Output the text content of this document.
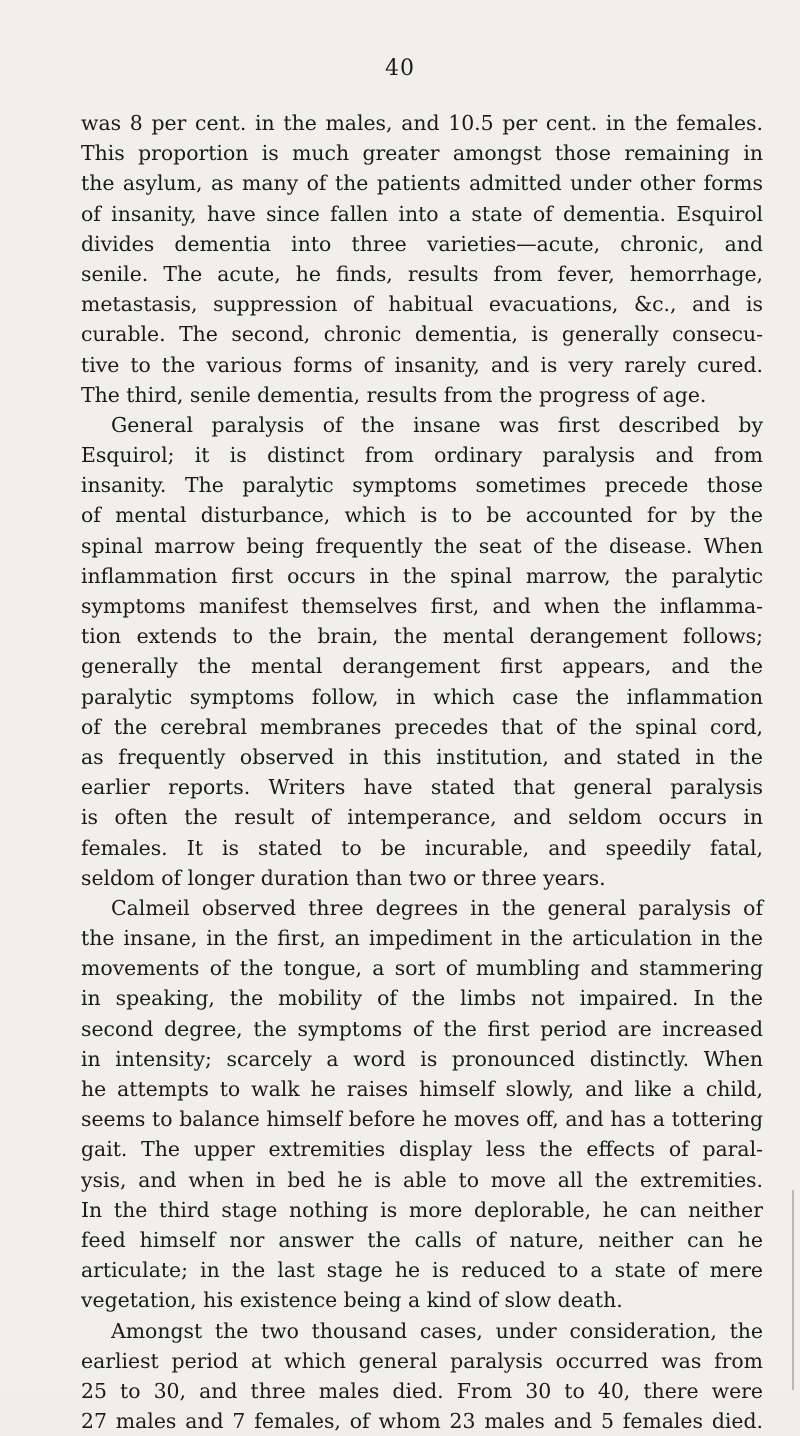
40
was 8 per cent. in the males, and 10.5 per cent. in the females.
This proportion is much greater amongst those remaining in
the asylum, as many of the patients admitted under other forms
of insanity, have since fallen into a state of dementia. Esquirol
divides dementia into three varieties—acute, chronic, and
senile. The acute, he finds, results from fever, hemorrhage,
metastasis, suppression of habitual evacuations, &c., and is
curable. The second, chronic dementia, is generally consecu-
tive to the various forms of insanity, and is very rarely cured.
The third, senile dementia, results from the progress of age.
General paralysis of the insane was first described by
Esquirol; it is distinct from ordinary paralysis and from
insanity. The paralytic symptoms sometimes precede those
of mental disturbance, which is to be accounted for by the
spinal marrow being frequently the seat of the disease. When
inflammation first occurs in the spinal marrow, the paralytic
symptoms manifest themselves first, and when the inflamma-
tion extends to the brain, the mental derangement follows;
generally the mental derangement first appears, and the
paralytic symptoms follow, in which case the inflammation
of the cerebral membranes precedes that of the spinal cord,
as frequently observed in this institution, and stated in the
earlier reports. Writers have stated that general paralysis
is often the result of intemperance, and seldom occurs in
females. It is stated to be incurable, and speedily fatal,
seldom of longer duration than two or three years.
Calmeil observed three degrees in the general paralysis of
the insane, in the first, an impediment in the articulation in the
movements of the tongue, a sort of mumbling and stammering
in speaking, the mobility of the limbs not impaired. In the
second degree, the symptoms of the first period are increased
in intensity; scarcely a word is pronounced distinctly. When
he attempts to walk he raises himself slowly, and like a child,
seems to balance himself before he moves off, and has a tottering
gait. The upper extremities display less the effects of paral-
ysis, and when in bed he is able to move all the extremities.
In the third stage nothing is more deplorable, he can neither
feed himself nor answer the calls of nature, neither can he
articulate; in the last stage he is reduced to a state of mere
vegetation, his existence being a kind of slow death.
Amongst the two thousand cases, under consideration, the
earliest period at which general paralysis occurred was from
25 to 30, and three males died. From 30 to 40, there were
27 males and 7 females, of whom 23 males and 5 females died.
